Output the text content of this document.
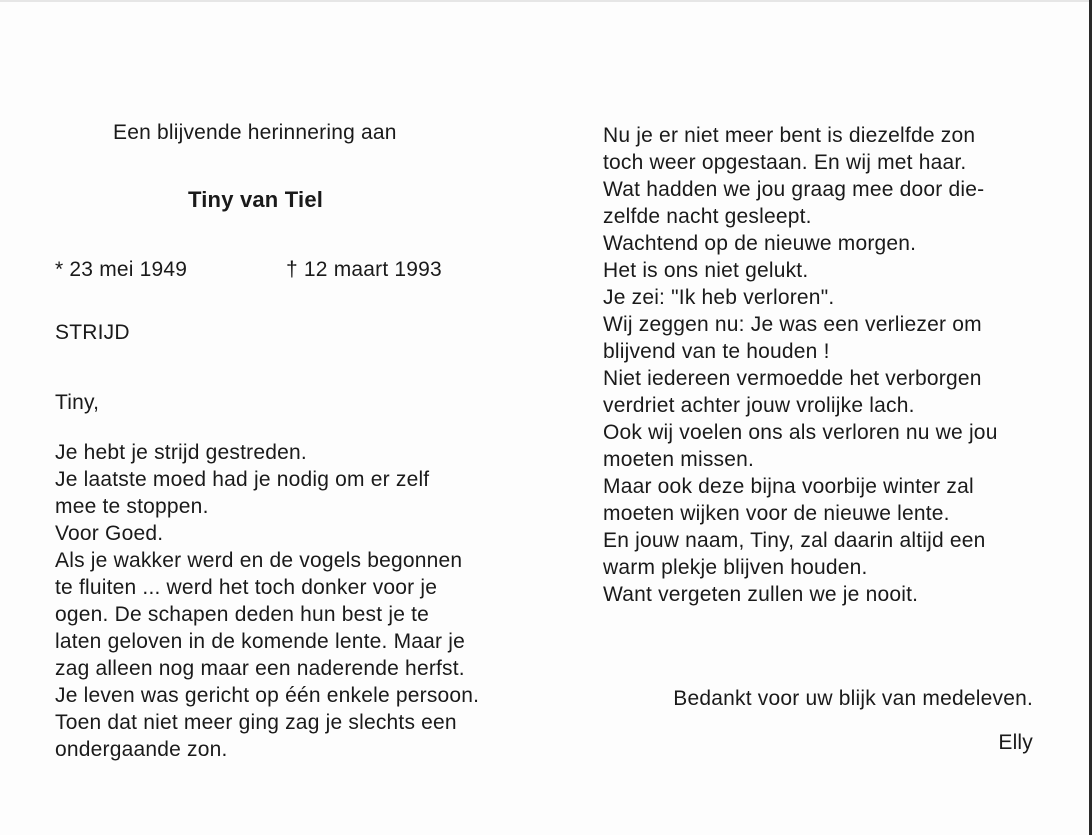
Een blijvende herinnering aan
Tiny van Tiel
* 23 mei 1949	† 12 maart 1993
STRIJD
Tiny,
Je hebt je strijd gestreden.
Je laatste moed had je nodig om er zelf
mee te stoppen.
Voor Goed.
Als je wakker werd en de vogels begonnen
te fluiten ... werd het toch donker voor je
ogen. De schapen deden hun best je te
laten geloven in de komende lente. Maar je
zag alleen nog maar een naderende herfst.
Je leven was gericht op één enkele persoon.
Toen dat niet meer ging zag je slechts een
ondergaande zon.
Nu je er niet meer bent is diezelfde zon
toch weer opgestaan. En wij met haar.
Wat hadden we jou graag mee door die-
zelfde nacht gesleept.
Wachtend op de nieuwe morgen.
Het is ons niet gelukt.
Je zei: "Ik heb verloren".
Wij zeggen nu: Je was een verliezer om
blijvend van te houden !
Niet iedereen vermoedde het verborgen
verdriet achter jouw vrolijke lach.
Ook wij voelen ons als verloren nu we jou
moeten missen.
Maar ook deze bijna voorbije winter zal
moeten wijken voor de nieuwe lente.
En jouw naam, Tiny, zal daarin altijd een
warm plekje blijven houden.
Want vergeten zullen we je nooit.
Bedankt voor uw blijk van medeleven.
Elly
